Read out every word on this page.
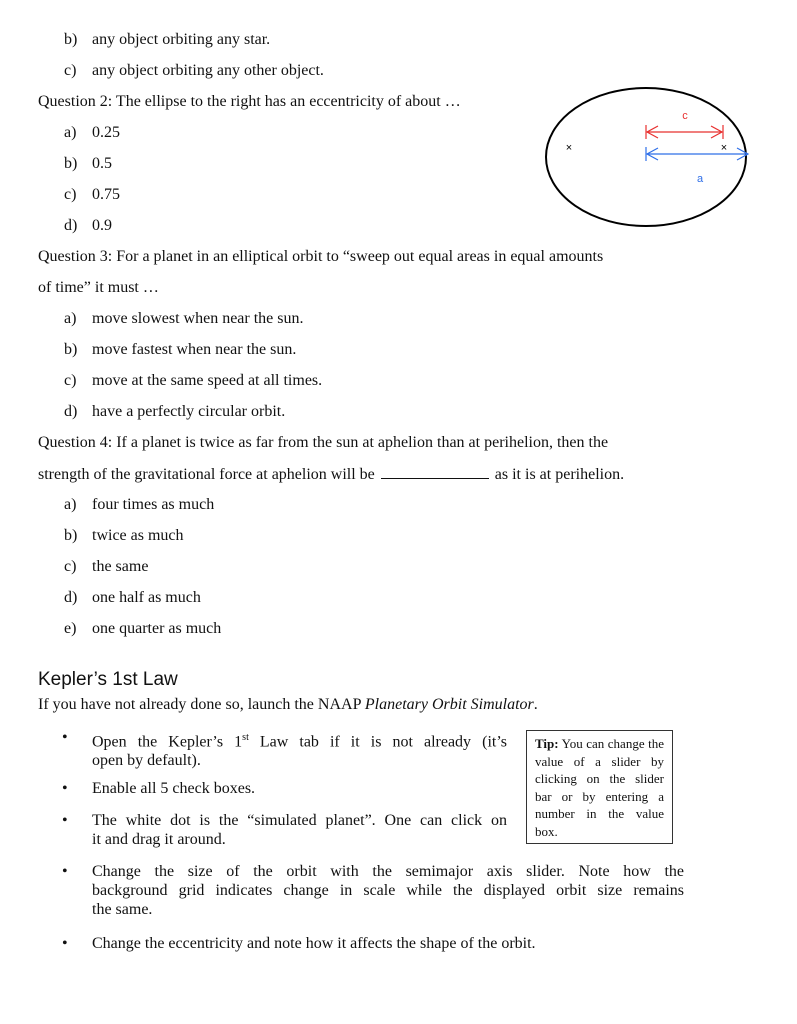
b) any object orbiting any star.
c) any object orbiting any other object.
Question 2: The ellipse to the right has an eccentricity of about …
a) 0.25
b) 0.5
c) 0.75
d) 0.9
×	×
c
a
Question 3: For a planet in an elliptical orbit to “sweep out equal areas in equal amounts
of time” it must …
a) move slowest when near the sun.
b) move fastest when near the sun.
c) move at the same speed at all times.
d) have a perfectly circular orbit.
Question 4: If a planet is twice as far from the sun at aphelion than at perihelion, then the
strength of the gravitational force at aphelion will be	as it is at perihelion.
a) four times as much
b) twice as much
c) the same
d) one half as much
e) one quarter as much
Kepler’s 1st Law
If you have not already done so, launch the NAAP Planetary Orbit Simulator.
• Open the Kepler’s 1st Law tab if it is not already (it’s
open by default).
• Enable all 5 check boxes.
• The white dot is the “simulated planet”. One can click on
it and drag it around.
• Change the size of the orbit with the semimajor axis slider. Note how the
background grid indicates change in scale while the displayed orbit size remains
the same.
• Change the eccentricity and note how it affects the shape of the orbit.
Tip: You can change the value of a slider by clicking on the slider bar or by entering a number in the value box.
